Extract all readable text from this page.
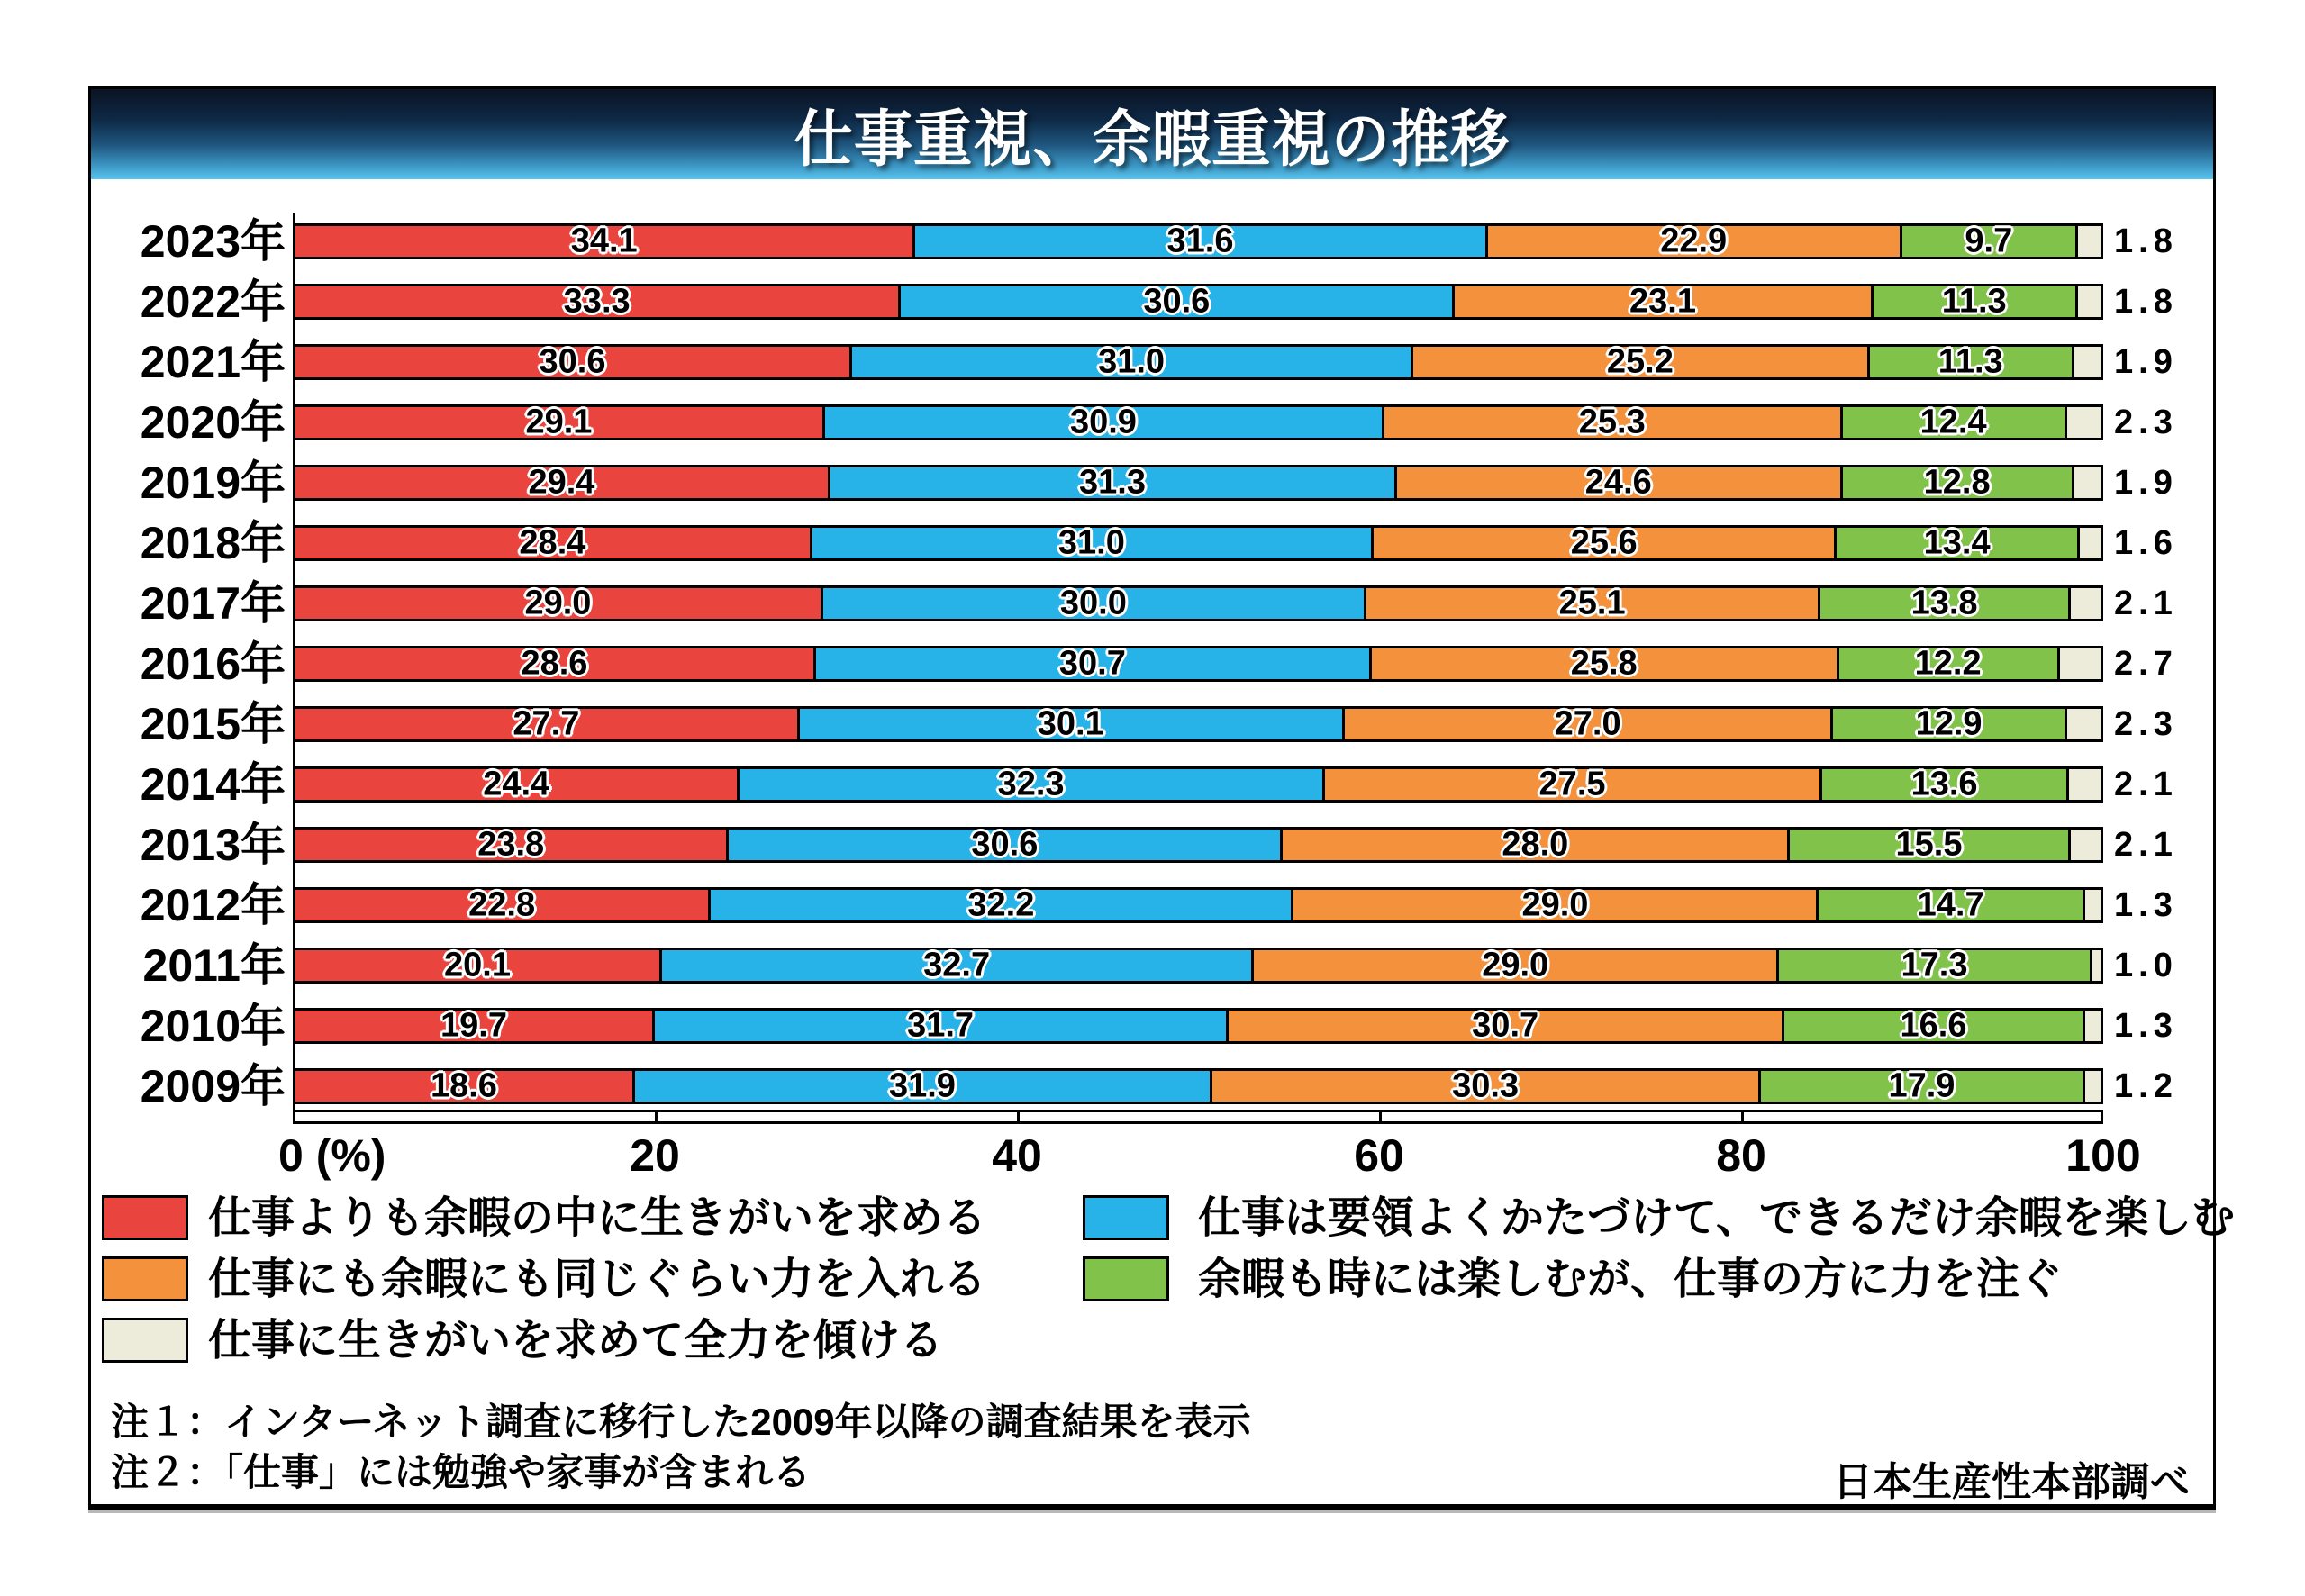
仕事重視、余暇重視の推移
2023年	34.1	31.6	22.9	9.7	1.8
2022年	33.3	30.6	23.1	11.3	1.8
2021年	30.6	31.0	25.2	11.3	1.9
2020年	29.1	30.9	25.3	12.4	2.3
2019年	29.4	31.3	24.6	12.8	1.9
2018年	28.4	31.0	25.6	13.4	1.6
2017年	29.0	30.0	25.1	13.8	2.1
2016年	28.6	30.7	25.8	12.2	2.7
2015年	27.7	30.1	27.0	12.9	2.3
2014年	24.4	32.3	27.5	13.6	2.1
2013年	23.8	30.6	28.0	15.5	2.1
2012年	22.8	32.2	29.0	14.7	1.3
2011年	20.1	32.7	29.0	17.3	1.0
2010年	19.7	31.7	30.7	16.6	1.3
2009年	18.6	31.9	30.3	17.9	1.2
0 (%)	20	40	60	80	100
注１：インターネット調査に移行した2009年以降の調査結果を表示
注２：「仕事」には勉強や家事が含まれる	日本生産性本部調べ
仕事よりも余暇の中に生きがいを求める
仕事にも余暇にも同じぐらい力を入れる
仕事に生きがいを求めて全力を傾ける
仕事は要領よくかたづけて、できるだけ余暇を楽しむ
余暇も時には楽しむが、仕事の方に力を注ぐ
